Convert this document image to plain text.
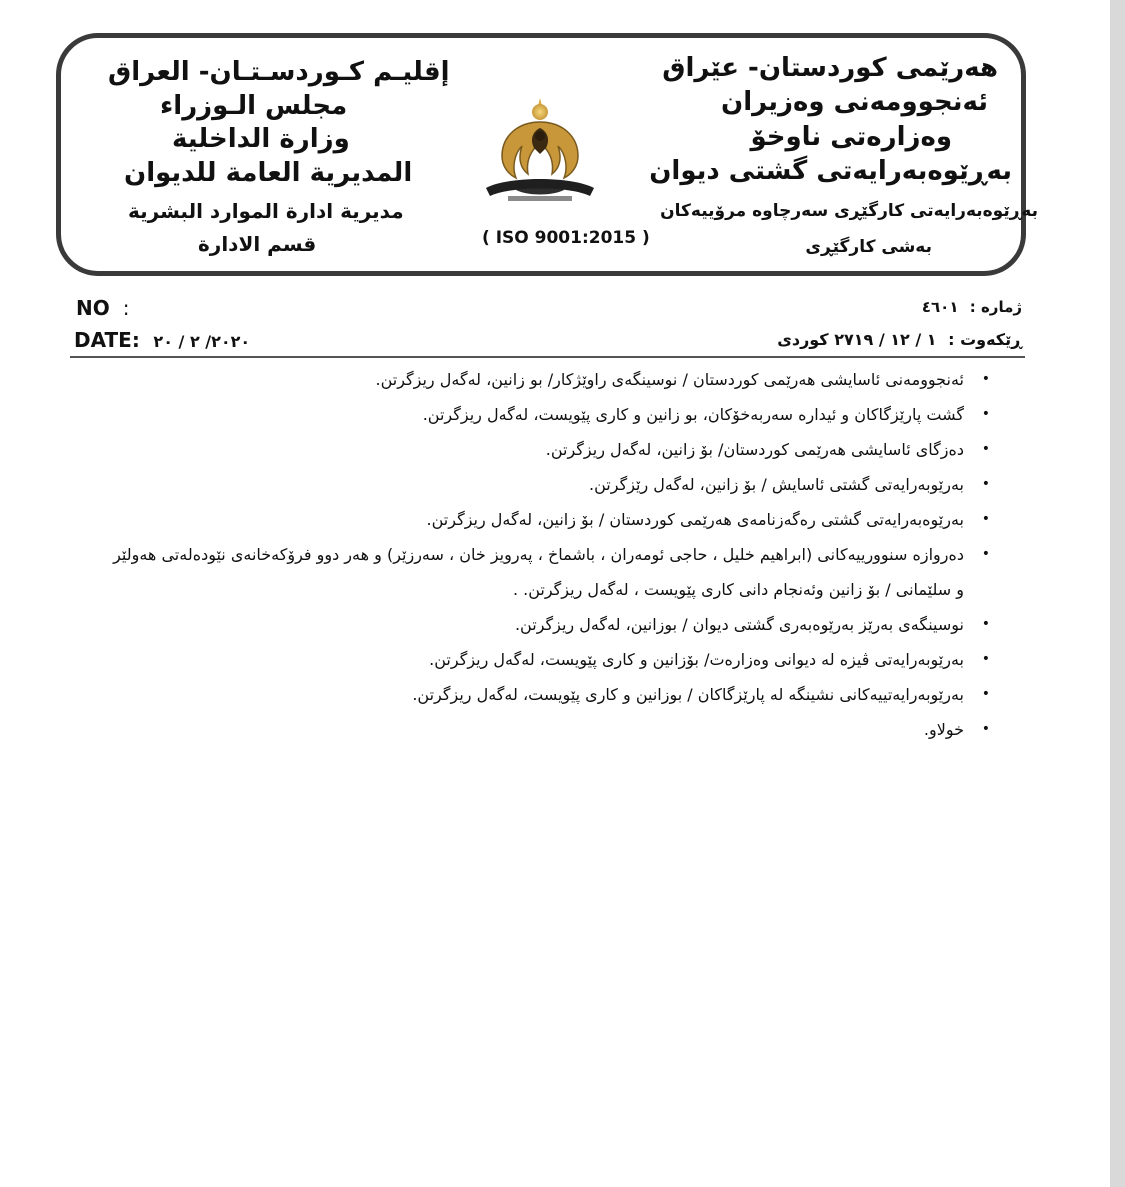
إقليـم كـوردسـتـان- العراق
مجلس الـوزراء
وزارة الداخلية
المديرية العامة للديوان
مديرية ادارة الموارد البشرية
قسم الادارة	( ISO 9001:2015 )
هەرێمی کوردستان- عێراق
ئەنجوومەنی وەزیران
وەزارەتی ناوخۆ
بەڕێوەبەرایەتی گشتی دیوان
بەڕێوەبەرایەتی کارگێڕی سەرچاوە مرۆییەکان
بەشی کارگێڕی
NO :
DATE: ٢٠٢٠/ ٢ / ٢٠
ژمارە : ٤٦٠١
ڕێکەوت : ١ / ١٢ / ٢٧١٩ کوردی
•
ئەنجوومەنی ئاسایشی هەرێمی کوردستان / نوسینگەی راوێژکار/ بو زانین، لەگەل ریزگرتن.
•
گشت پارێزگاکان و ئیدارە سەربەخۆکان، بو زانین و کاری پێویست، لەگەل ریزگرتن.
•
دەزگای ئاسایشی هەرێمی کوردستان/ بۆ زانین، لەگەل ریزگرتن.
•
بەرێوبەرایەتی گشتی ئاسایش / بۆ زانین، لەگەل رێزگرتن.
•
بەرێوەبەرایەتی گشتی رەگەزنامەی هەرێمی کوردستان / بۆ زانین، لەگەل ریزگرتن.
•
دەروازە سنوورییەکانی (ابراهیم خلیل ، حاجی ئومەران ، باشماخ ، پەرویز خان ، سەرزێر) و هەر دوو فرۆکەخانەی نێودەلەتی هەولێر و سلێمانی / بۆ زانین وئەنجام دانی کاری پێویست ، لەگەل ریزگرتن. .
•
نوسینگەی بەرێز بەرێوەبەری گشتی دیوان / بوزانین، لەگەل ریزگرتن.
•
بەرێوبەرایەتی ڤیزە لە دیوانی وەزارەت/ بۆزانین و کاری پێویست، لەگەل ریزگرتن.
•
بەرێوبەرایەتییەکانی نشینگە لە پارێزگاکان / بوزانین و کاری پێویست، لەگەل ریزگرتن.
•
خولاو.
